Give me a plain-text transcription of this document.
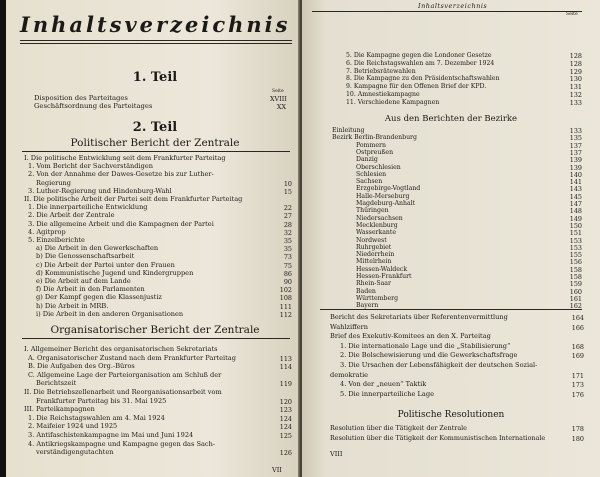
Inhaltsverzeichnis
1. Teil
Seite
Disposition des Parteitages	XVIII
Geschäftsordnung des Parteitages	XX
2. Teil
Politischer Bericht der Zentrale
I. Die politische Entwicklung seit dem Frankfurter Parteitag
1. Vom Bericht der Sachverständigen
2. Von der Annahme der Dawes-Gesetze bis zur Luther-
Regierung	10
3. Luther-Regierung und Hindenburg-Wahl	15
II. Die politische Arbeit der Partei seit dem Frankfurter Parteitag
1. Die innerparteiliche Entwicklung	22
2. Die Arbeit der Zentrale	27
3. Die allgemeine Arbeit und die Kampagnen der Partei	28
4. Agitprop	32
5. Einzelberichte	35
a) Die Arbeit in den Gewerkschaften	35
b) Die Genossenschaftsarbeit	73
c) Die Arbeit der Partei unter den Frauen	75
d) Kommunistische Jugend und Kindergruppen	86
e) Die Arbeit auf dem Lande	90
f) Die Arbeit in den Parlamenten	102
g) Der Kampf gegen die Klassenjustiz	108
h) Die Arbeit in MRB.	111
i) Die Arbeit in den anderen Organisationen	112
Organisatorischer Bericht der Zentrale
I. Allgemeiner Bericht des organisatorischen Sekretariats
A. Organisatorischer Zustand nach dem Frankfurter Parteitag	113
B. Die Aufgaben des Org.-Büros	114
C. Allgemeine Lage der Parteiorganisation am Schluß der
Berichtszeit	119
II. Die Betriebszellenarbeit und Reorganisationsarbeit vom
Frankfurter Parteitag bis 31. Mai 1925	120
III. Parteikampagnen	123
1. Die Reichstagswahlen am 4. Mai 1924	124
2. Maifeier 1924 und 1925	124
3. Antifaschistenkampagne im Mai und Juni 1924	125
4. Antikriegskampagne und Kampagne gegen das Sach-
verständigengutachten	126
VII
Inhaltsverzeichnis
Seite
5. Die Kampagne gegen die Londoner Gesetze	128
6. Die Reichstagswahlen am 7. Dezember 1924	128
7. Betriebsrätewahlen	129
8. Die Kampagne zu den Präsidentschaftswahlen	130
9. Kampagne für den Offenen Brief der KPD.	131
10. Amnestiekampagne	132
11. Verschiedene Kampagnen	133
Aus den Berichten der Bezirke
Einleitung	133
Bezirk Berlin-Brandenburg	135
Pommern	137
Ostpreußen	137
Danzig	139
Oberschlesien	139
Schlesien	140
Sachsen	141
Erzgebirge-Vogtland	143
Halle-Merseburg	145
Magdeburg-Anhalt	147
Thüringen	148
Niedersachsen	149
Mecklenburg	150
Wasserkante	151
Nordwest	153
Ruhrgebiet	153
Niederrhein	155
Mittelrhein	156
Hessen-Waldeck	158
Hessen-Frankfurt	158
Rhein-Saar	159
Baden	160
Württemberg	161
Bayern	162
Bericht des Sekretariats über Referentenvermittlung	164
Wahlziffern	166
Brief des Exekutiv-Komitees an den X. Parteitag
1. Die internationale Lage und die „Stabilisierung“	168
2. Die Bolschewisierung und die Gewerkschaftsfrage	169
3. Die Ursachen der Lebensfähigkeit der deutschen Sozial-
demokratie	171
4. Von der „neuen“ Taktik	173
5. Die innerparteiliche Lage	176
Politische Resolutionen
Resolution über die Tätigkeit der Zentrale	178
Resolution über die Tätigkeit der Kommunistischen Internationale	180
VIII
